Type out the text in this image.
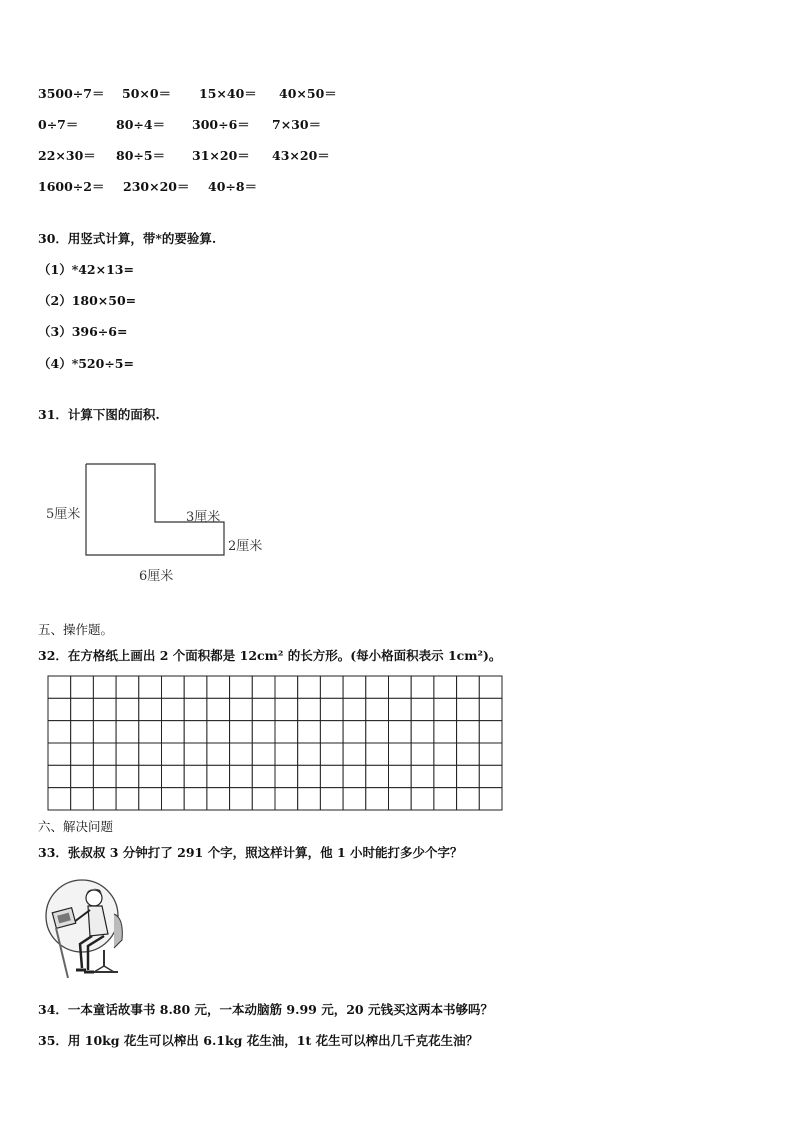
3500÷7＝ 50×0＝ 15×40＝ 40×50＝
0÷7＝	80÷4＝ 300÷6＝ 7×30＝
22×30＝ 80÷5＝ 31×20＝ 43×20＝
1600÷2＝ 230×20＝ 40÷8＝
30．用竖式计算，带*的要验算.
（1）*42×13=
（2）180×50=
（3）396÷6=
（4）*520÷5=
31．计算下图的面积.
5厘米	3厘米
2厘米
6厘米
五、操作题。
32．在方格纸上画出 2 个面积都是 12cm² 的长方形。(每小格面积表示 1cm²)。
六、解决问题
33．张叔叔 3 分钟打了 291 个字，照这样计算，他 1 小时能打多少个字？
34．一本童话故事书 8.80 元，一本动脑筋 9.99 元，20 元钱买这两本书够吗？
35．用 10kg 花生可以榨出 6.1kg 花生油，1t 花生可以榨出几千克花生油？
